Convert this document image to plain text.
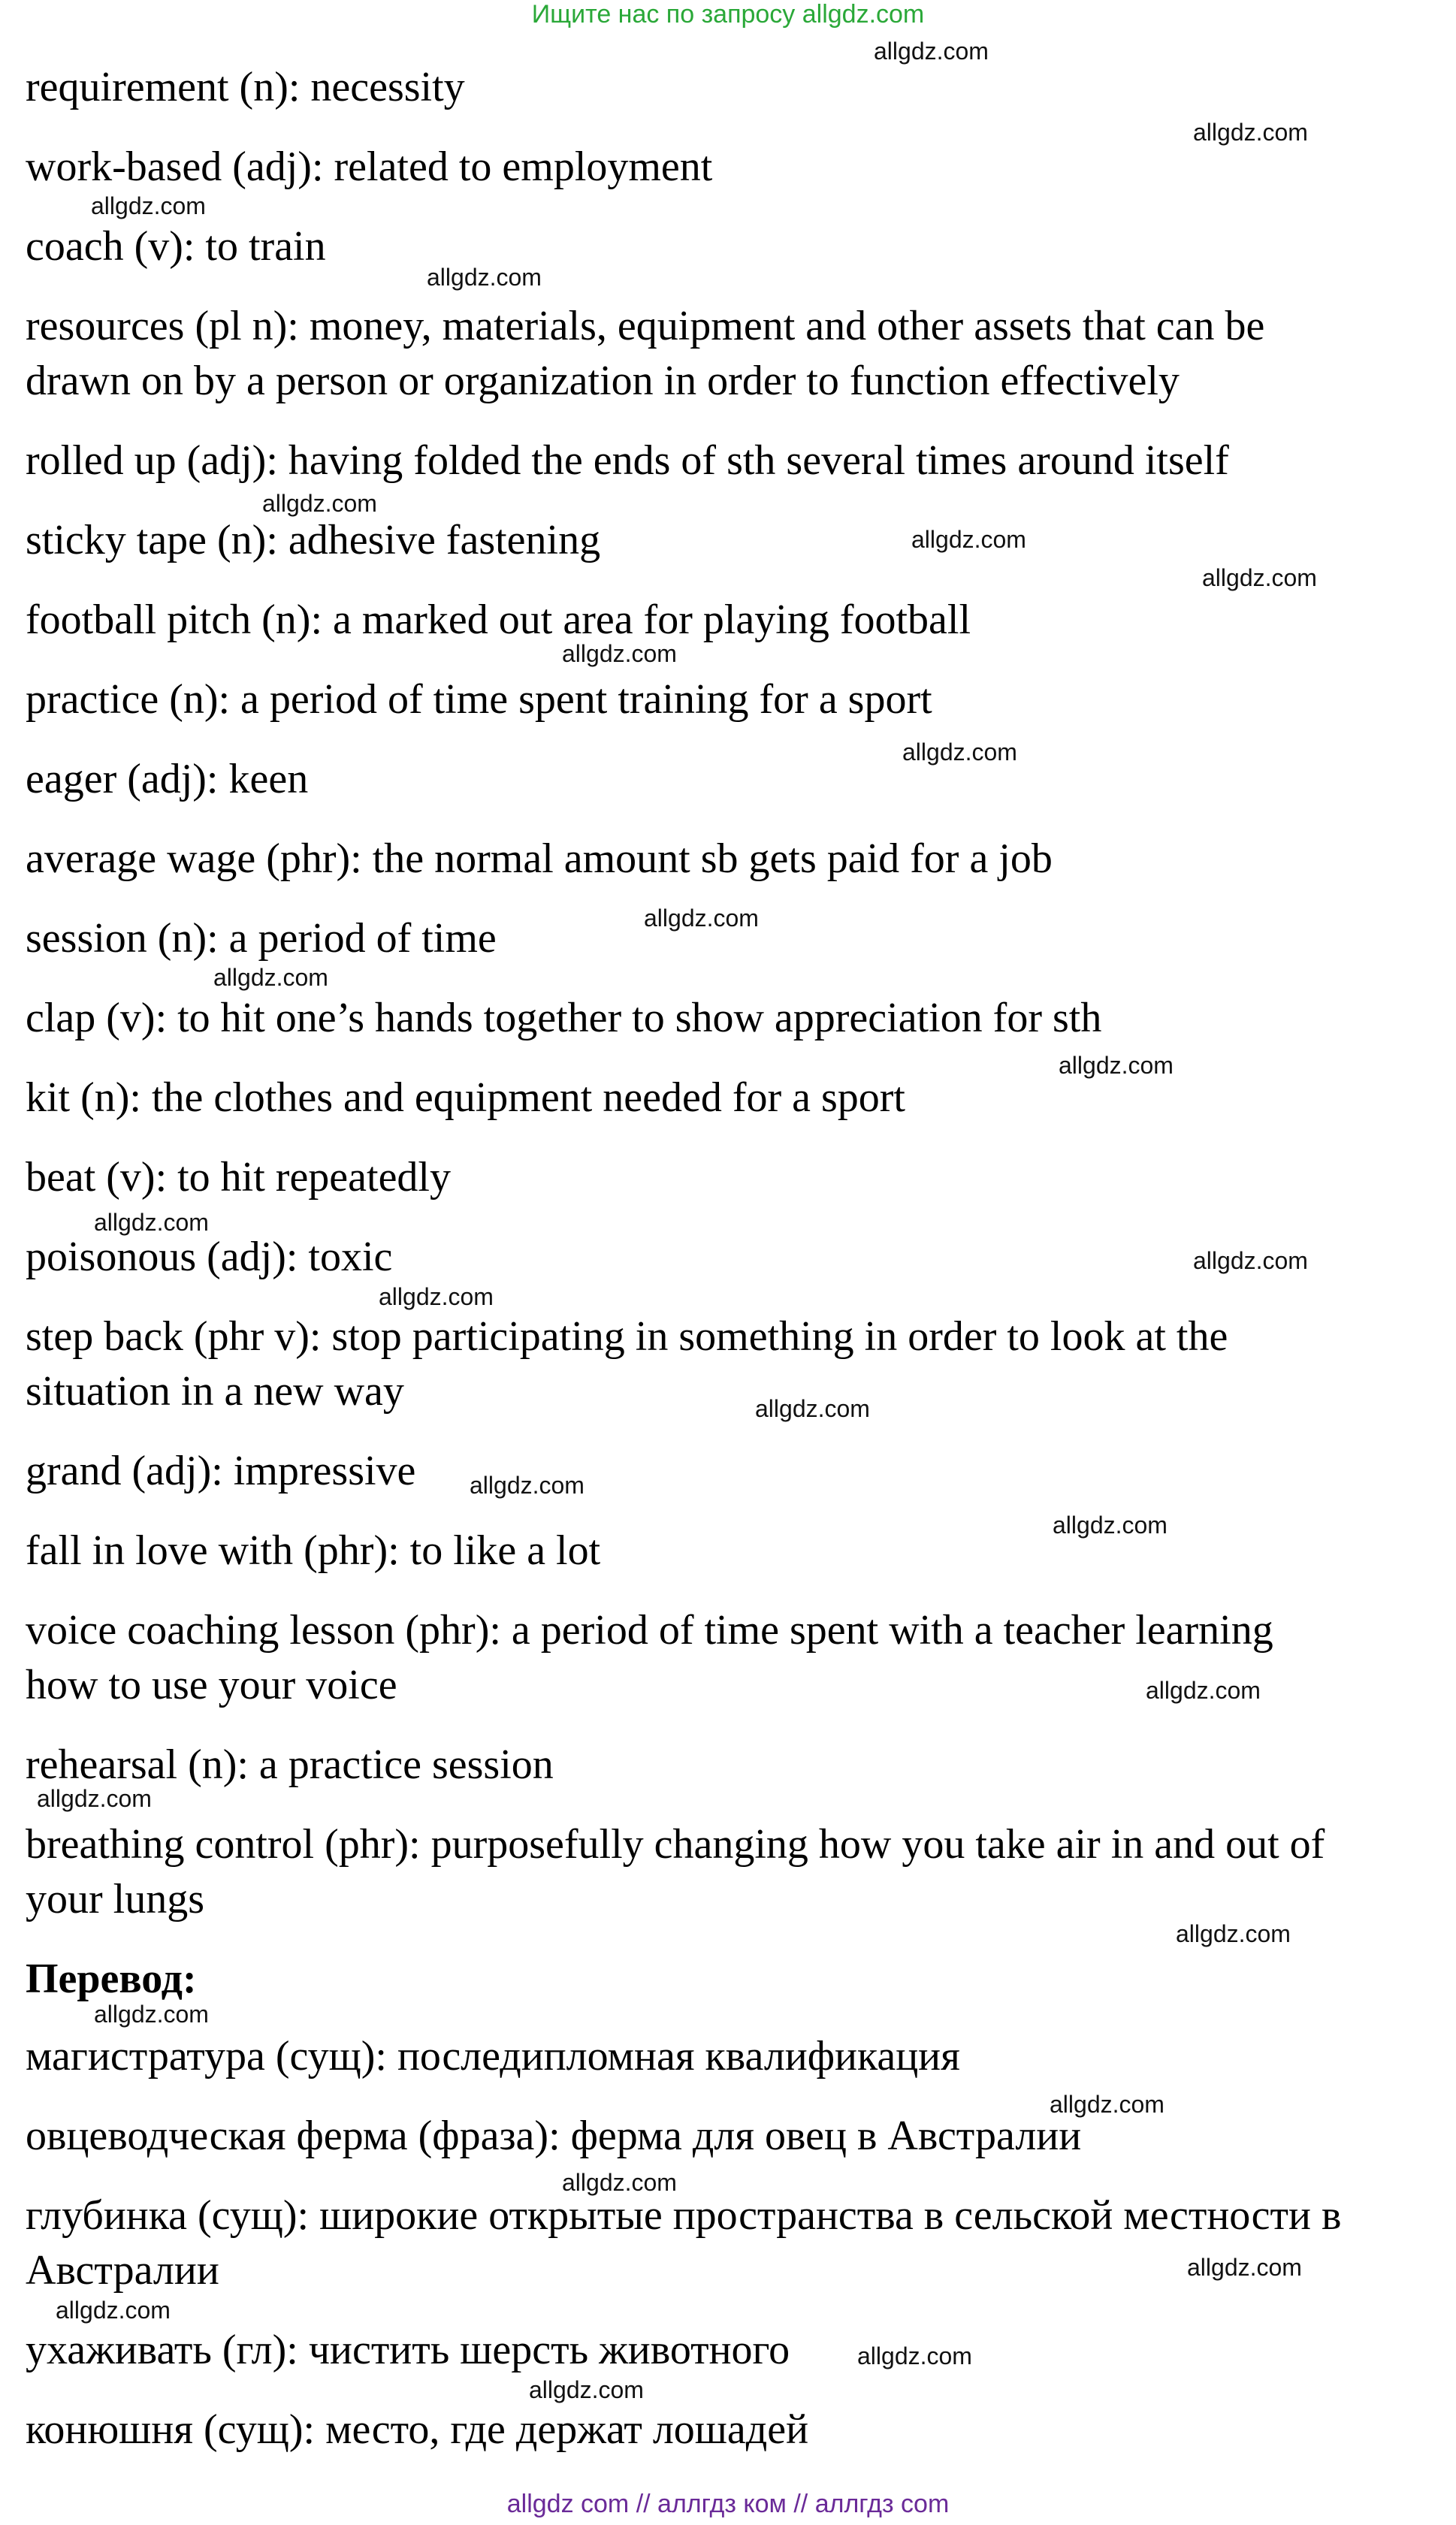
Ищите нас по запросу allgdz.com
requirement (n): necessity
work-based (adj): related to employment
coach (v): to train
resources (pl n): money, materials, equipment and other assets that can be drawn on by a person or organization in order to function effectively
rolled up (adj): having folded the ends of sth several times around itself
sticky tape (n): adhesive fastening
football pitch (n): a marked out area for playing football
practice (n): a period of time spent training for a sport
eager (adj): keen
average wage (phr): the normal amount sb gets paid for a job
session (n): a period of time
clap (v): to hit one’s hands together to show appreciation for sth
kit (n): the clothes and equipment needed for a sport
beat (v): to hit repeatedly
poisonous (adj): toxic
step back (phr v): stop participating in something in order to look at the situation in a new way
grand (adj): impressive
fall in love with (phr): to like a lot
voice coaching lesson (phr): a period of time spent with a teacher learning how to use your voice
rehearsal (n): a practice session
breathing control (phr): purposefully changing how you take air in and out of your lungs
Перевод:
магистратура (сущ): последипломная квалификация
овцеводческая ферма (фраза): ферма для овец в Австралии
глубинка (сущ): широкие открытые пространства в сельской местности в Австралии
ухаживать (гл): чистить шерсть животного
конюшня (сущ): место, где держат лошадей
allgdz.com
allgdz.com
allgdz.com
allgdz.com
allgdz.com
allgdz.com
allgdz.com
allgdz.com
allgdz.com
allgdz.com
allgdz.com
allgdz.com
allgdz.com
allgdz.com
allgdz.com
allgdz.com
allgdz.com
allgdz.com
allgdz.com
allgdz.com
allgdz.com
allgdz.com
allgdz.com
allgdz.com
allgdz.com
allgdz.com
allgdz.com
allgdz.com
allgdz com // аллгдз ком // аллгдз com
